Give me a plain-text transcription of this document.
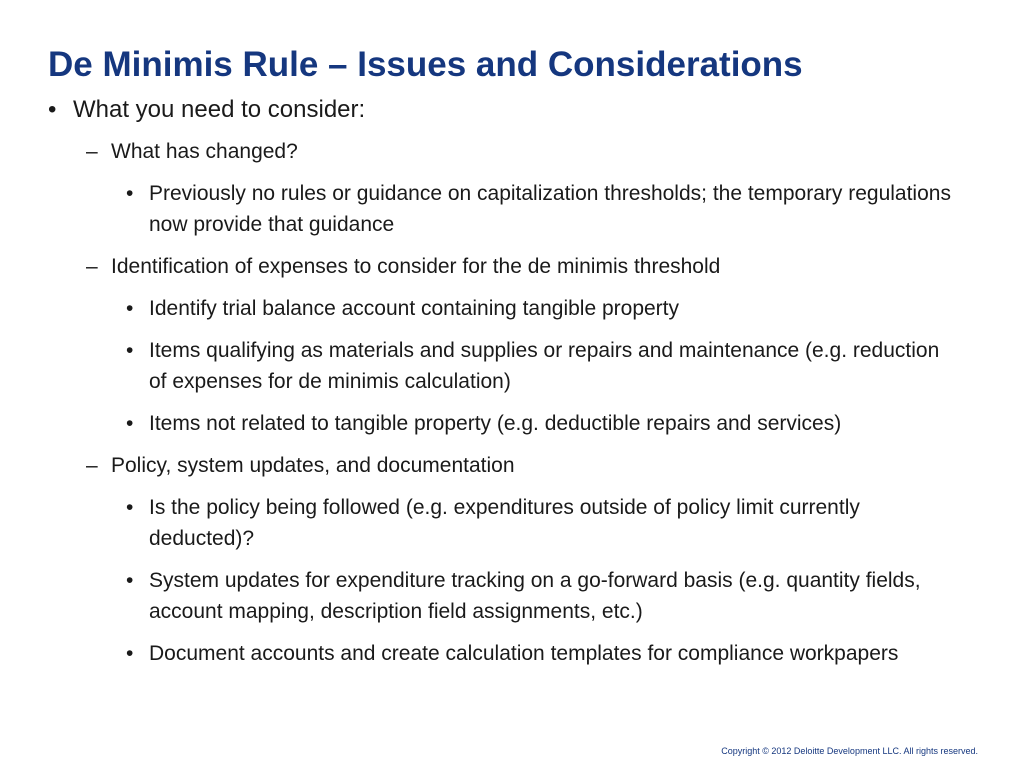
De Minimis Rule – Issues and Considerations
• What you need to consider:
– What has changed?
• Previously no rules or guidance on capitalization thresholds; the temporary regulations now provide that guidance
– Identification of expenses to consider for the de minimis threshold
• Identify trial balance account containing tangible property
• Items qualifying as materials and supplies or repairs and maintenance (e.g. reduction of expenses for de minimis calculation)
• Items not related to tangible property (e.g. deductible repairs and services)
– Policy, system updates, and documentation
• Is the policy being followed (e.g. expenditures outside of policy limit currently deducted)?
• System updates for expenditure tracking on a go-forward basis (e.g. quantity fields, account mapping, description field assignments, etc.)
• Document accounts and create calculation templates for compliance workpapers
Copyright © 2012 Deloitte Development LLC. All rights reserved.
